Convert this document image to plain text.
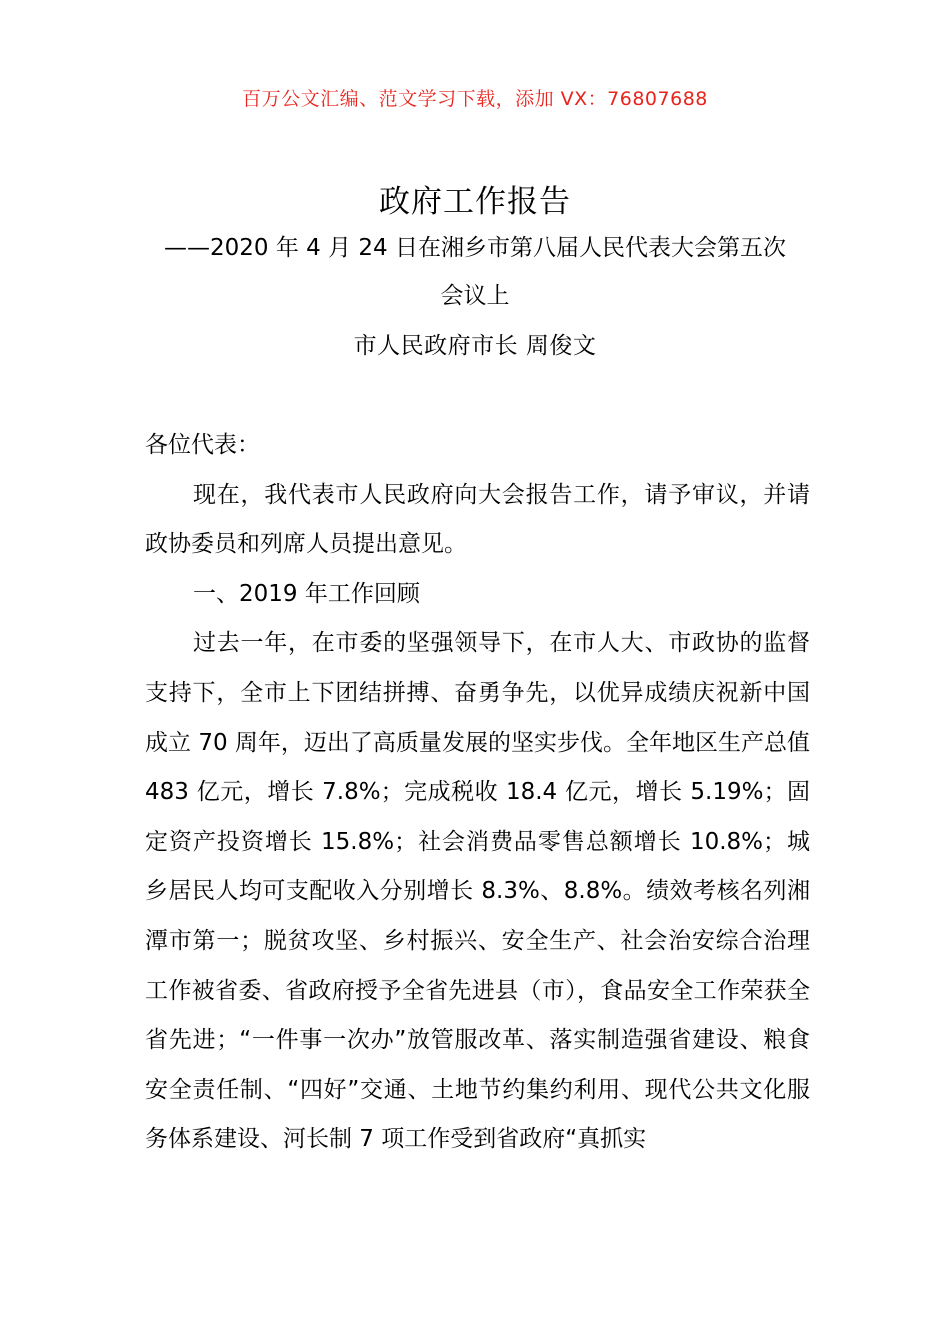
百万公文汇编、范文学习下载，添加 VX：76807688
政府工作报告
——2020 年 4 月 24 日在湘乡市第八届人民代表大会第五次
会议上
市人民政府市长 周俊文

各位代表：

现在，我代表市人民政府向大会报告工作，请予审议，并请政协委员和列席人员提出意见。

一、2019 年工作回顾

过去一年，在市委的坚强领导下，在市人大、市政协的监督支持下，全市上下团结拼搏、奋勇争先，以优异成绩庆祝新中国成立 70 周年，迈出了高质量发展的坚实步伐。全年地区生产总值 483 亿元，增长 7.8%；完成税收 18.4 亿元，增长 5.19%；固定资产投资增长 15.8%；社会消费品零售总额增长 10.8%；城乡居民人均可支配收入分别增长 8.3%、8.8%。绩效考核名列湘潭市第一；脱贫攻坚、乡村振兴、安全生产、社会治安综合治理工作被省委、省政府授予全省先进县（市），食品安全工作荣获全省先进；“一件事一次办”放管服改革、落实制造强省建设、粮食安全责任制、“四好”交通、土地节约集约利用、现代公共文化服务体系建设、河长制 7 项工作受到省政府“真抓实
